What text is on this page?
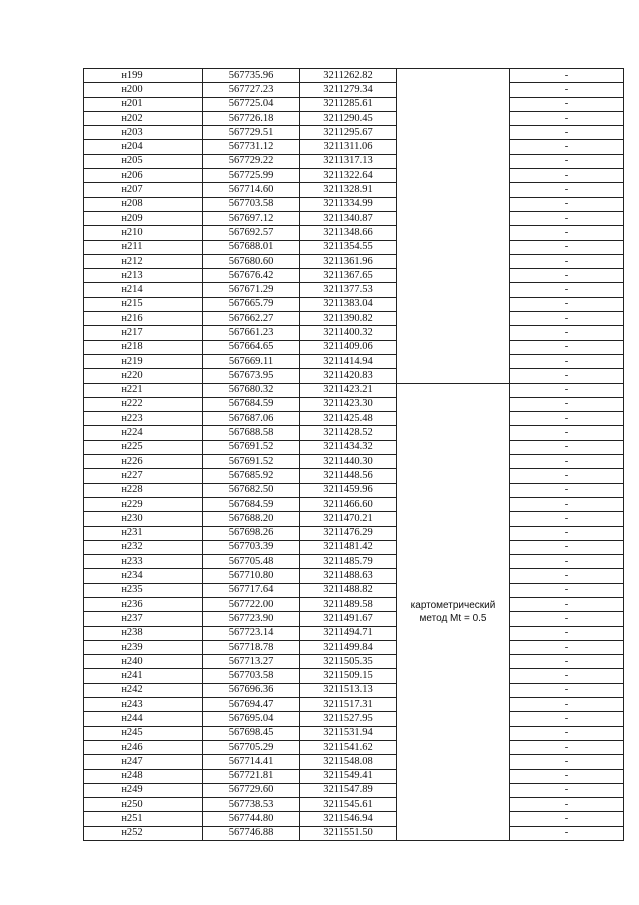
н199	567735.96	3211262.82		-
н200	567727.23	3211279.34		-
н201	567725.04	3211285.61		-
н202	567726.18	3211290.45		-
н203	567729.51	3211295.67		-
н204	567731.12	3211311.06		-
н205	567729.22	3211317.13		-
н206	567725.99	3211322.64		-
н207	567714.60	3211328.91		-
н208	567703.58	3211334.99		-
н209	567697.12	3211340.87		-
н210	567692.57	3211348.66		-
н211	567688.01	3211354.55		-
н212	567680.60	3211361.96		-
н213	567676.42	3211367.65		-
н214	567671.29	3211377.53		-
н215	567665.79	3211383.04		-
н216	567662.27	3211390.82		-
н217	567661.23	3211400.32		-
н218	567664.65	3211409.06		-
н219	567669.11	3211414.94		-
н220	567673.95	3211420.83		-
н221	567680.32	3211423.21	картометрический метод Mt = 0.5	-
н222	567684.59	3211423.30		-
н223	567687.06	3211425.48		-
н224	567688.58	3211428.52		-
н225	567691.52	3211434.32		-
н226	567691.52	3211440.30		-
н227	567685.92	3211448.56		-
н228	567682.50	3211459.96		-
н229	567684.59	3211466.60		-
н230	567688.20	3211470.21		-
н231	567698.26	3211476.29		-
н232	567703.39	3211481.42		-
н233	567705.48	3211485.79		-
н234	567710.80	3211488.63		-
н235	567717.64	3211488.82		-
н236	567722.00	3211489.58		-
н237	567723.90	3211491.67		-
н238	567723.14	3211494.71		-
н239	567718.78	3211499.84		-
н240	567713.27	3211505.35		-
н241	567703.58	3211509.15		-
н242	567696.36	3211513.13		-
н243	567694.47	3211517.31		-
н244	567695.04	3211527.95		-
н245	567698.45	3211531.94		-
н246	567705.29	3211541.62		-
н247	567714.41	3211548.08		-
н248	567721.81	3211549.41		-
н249	567729.60	3211547.89		-
н250	567738.53	3211545.61		-
н251	567744.80	3211546.94		-
н252	567746.88	3211551.50		-
